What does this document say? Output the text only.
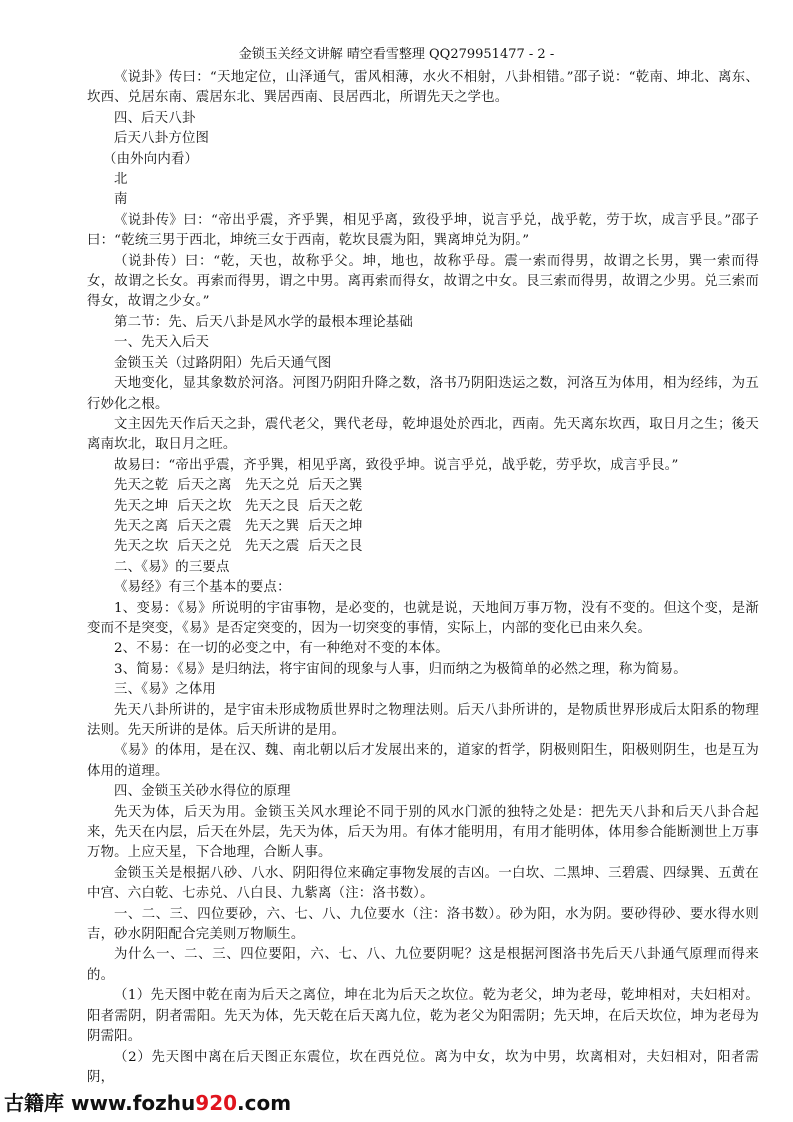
金锁玉关经文讲解 晴空看雪整理 QQ279951477 - 2 -

《说卦》传曰：“天地定位，山泽通气，雷风相薄，水火不相射，八卦相错。”邵子说：“乾南、坤北、离东、坎西、兑居东南、震居东北、巽居西南、艮居西北，所谓先天之学也。

四、后天八卦

后天八卦方位图

（由外向内看）

北

南

《说卦传》曰：“帝出乎震，齐乎巽，相见乎离，致役乎坤，说言乎兑，战乎乾，劳于坎，成言乎艮。”邵子曰：“乾统三男于西北，坤统三女于西南，乾坎艮震为阳，巽离坤兑为阴。”

（说卦传）曰：“乾，天也，故称乎父。坤，地也，故称乎母。震一索而得男，故谓之长男，巽一索而得女，故谓之长女。再索而得男，谓之中男。离再索而得女，故谓之中女。艮三索而得男，故谓之少男。兑三索而得女，故谓之少女。”

第二节：先、后天八卦是风水学的最根本理论基础

一、先天入后天

金锁玉关（过路阴阳）先后天通气图

天地变化，显其象数於河洛。河图乃阴阳升降之数，洛书乃阴阳迭运之数，河洛互为体用，相为经纬，为五行妙化之根。

文主因先天作后天之卦，震代老父，巽代老母，乾坤退处於西北，西南。先天离东坎西，取日月之生；後天离南坎北，取日月之旺。

故易曰：“帝出乎震，齐乎巽，相见乎离，致役乎坤。说言乎兑，战乎乾，劳乎坎，成言乎艮。”

先天之乾  后天之离   先天之兑  后天之巽

先天之坤  后天之坎   先天之艮  后天之乾

先天之离  后天之震   先天之巽  后天之坤

先天之坎  后天之兑   先天之震  后天之艮

二、《易》的三要点

《易经》有三个基本的要点：

1、变易：《易》所说明的宇宙事物，是必变的，也就是说，天地间万事万物，没有不变的。但这个变，是渐变而不是突变，《易》是否定突变的，因为一切突变的事情，实际上，内部的变化已由来久矣。

2、不易：在一切的必变之中，有一种绝对不变的本体。

3、简易：《易》是归纳法，将宇宙间的现象与人事，归而纳之为极简单的必然之理，称为简易。

三、《易》之体用

先天八卦所讲的，是宇宙未形成物质世界时之物理法则。后天八卦所讲的，是物质世界形成后太阳系的物理法则。先天所讲的是体。后天所讲的是用。

《易》的体用，是在汉、魏、南北朝以后才发展出来的，道家的哲学，阴极则阳生，阳极则阴生，也是互为体用的道理。

四、金锁玉关砂水得位的原理

先天为体，后天为用。金锁玉关风水理论不同于别的风水门派的独特之处是：把先天八卦和后天八卦合起来，先天在内层，后天在外层，先天为体，后天为用。有体才能明用，有用才能明体，体用参合能断测世上万事万物。上应天星，下合地理，合断人事。

金锁玉关是根据八砂、八水、阴阳得位来确定事物发展的吉凶。一白坎、二黑坤、三碧震、四绿巽、五黄在中宫、六白乾、七赤兑、八白艮、九紫离（注：洛书数）。

一、二、三、四位要砂，六、七、八、九位要水（注：洛书数）。砂为阳，水为阴。要砂得砂、要水得水则吉，砂水阴阳配合完美则万物顺生。

为什么一、二、三、四位要阳，六、七、八、九位要阴呢？这是根据河图洛书先后天八卦通气原理而得来的。

（1）先天图中乾在南为后天之离位，坤在北为后天之坎位。乾为老父，坤为老母，乾坤相对，夫妇相对。阳者需阴，阴者需阳。先天为体，先天乾在后天离九位，乾为老父为阳需阴；先天坤，在后天坎位，坤为老母为阴需阳。

（2）先天图中离在后天图正东震位，坎在西兑位。离为中女，坎为中男，坎离相对，夫妇相对，阳者需阴，

古籍库 www.fozhu920.com
